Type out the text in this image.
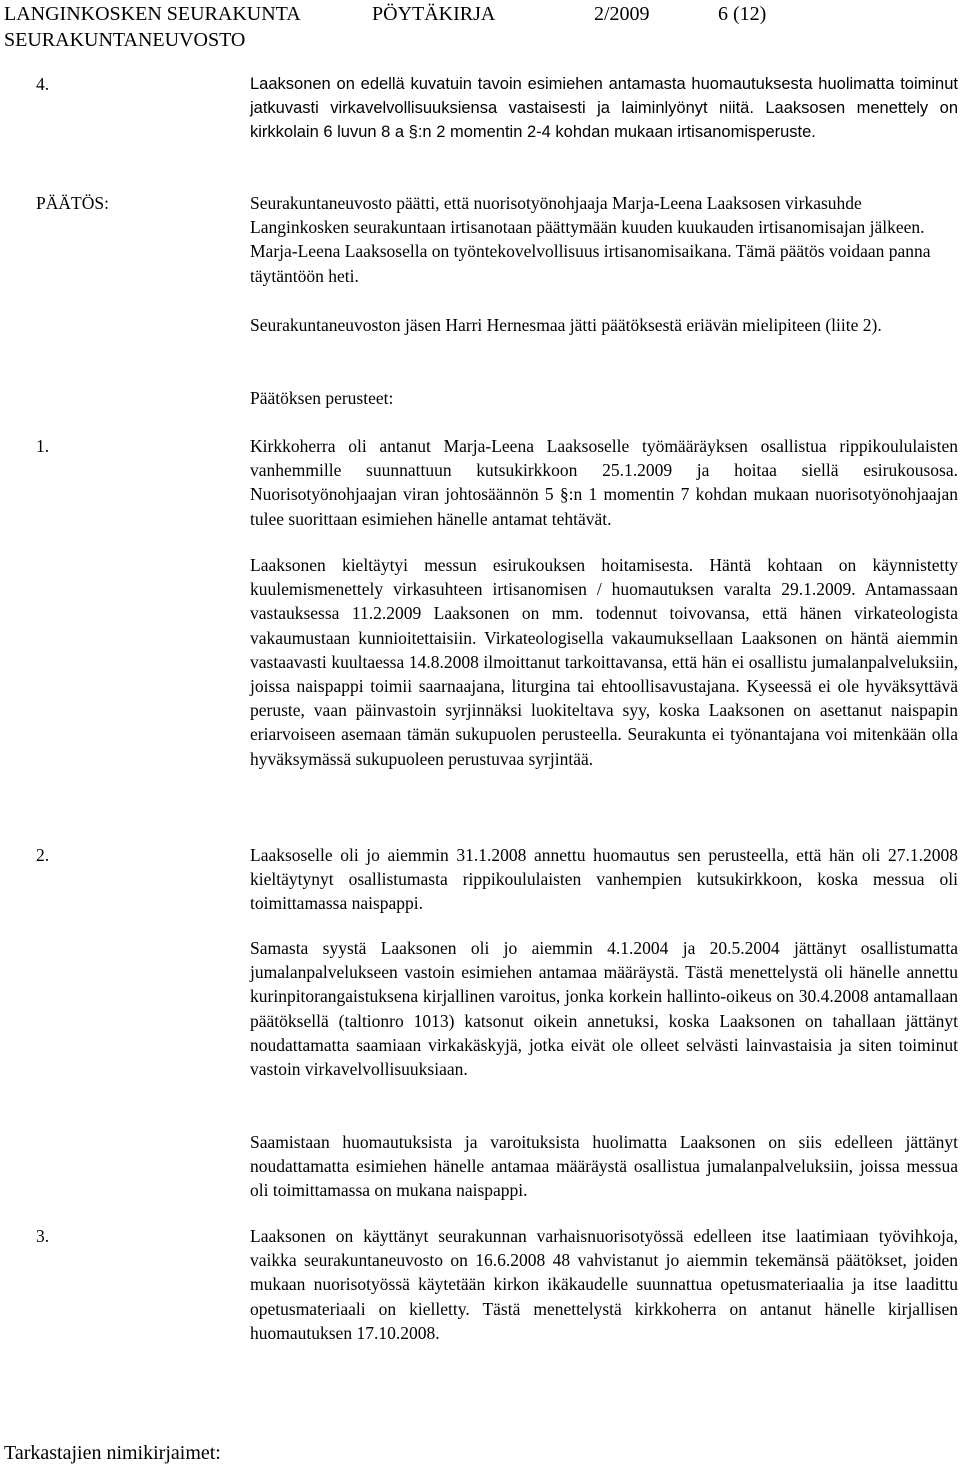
LANGINKOSKEN SEURAKUNTA	PÖYTÄKIRJA	2/2009	6 (12)
SEURAKUNTANEUVOSTO
4.	Laaksonen on edellä kuvatuin tavoin esimiehen antamasta huomautuksesta huolimatta toiminut jatkuvasti virkavelvollisuuksiensa vastaisesti ja laiminlyönyt niitä. Laaksosen menettely on kirkkolain 6 luvun 8 a §:n 2 momentin 2-4 kohdan mukaan irtisanomisperuste.
PÄÄTÖS:	Seurakuntaneuvosto päätti, että nuorisotyönohjaaja Marja-Leena Laaksosen virkasuhde Langinkosken seurakuntaan irtisanotaan päättymään kuuden kuukauden irtisanomisajan jälkeen. Marja-Leena Laaksosella on työntekovelvollisuus irtisanomisaikana. Tämä päätös voidaan panna täytäntöön heti.
Seurakuntaneuvoston jäsen Harri Hernesmaa jätti päätöksestä eriävän mielipiteen (liite 2).
Päätöksen perusteet:
1.	Kirkkoherra oli antanut Marja-Leena Laaksoselle työmääräyksen osallistua rippikoululaisten vanhemmille suunnattuun kutsukirkkoon 25.1.2009 ja hoitaa siellä esirukousosa. Nuorisotyönohjaajan viran johtosäännön 5 §:n 1 momentin 7 kohdan mukaan nuorisotyönohjaajan tulee suorittaan esimiehen hänelle antamat tehtävät.
Laaksonen kieltäytyi messun esirukouksen hoitamisesta. Häntä kohtaan on käynnistetty kuulemismenettely virkasuhteen irtisanomisen / huomautuksen varalta 29.1.2009. Antamassaan vastauksessa 11.2.2009 Laaksonen on mm. todennut toivovansa, että hänen virkateologista vakaumustaan kunnioitettaisiin. Virkateologisella vakaumuksellaan Laaksonen on häntä aiemmin vastaavasti kuultaessa 14.8.2008 ilmoittanut tarkoittavansa, että hän ei osallistu jumalanpalveluksiin, joissa naispappi toimii saarnaajana, liturgina tai ehtoollisavustajana. Kyseessä ei ole hyväksyttävä peruste, vaan päinvastoin syrjinnäksi luokiteltava syy, koska Laaksonen on asettanut naispapin eriarvoiseen asemaan tämän sukupuolen perusteella. Seurakunta ei työnantajana voi mitenkään olla hyväksymässä sukupuoleen perustuvaa syrjintää.
2.	Laaksoselle oli jo aiemmin 31.1.2008 annettu huomautus sen perusteella, että hän oli 27.1.2008 kieltäytynyt osallistumasta rippikoululaisten vanhempien kutsukirkkoon, koska messua oli toimittamassa naispappi.
Samasta syystä Laaksonen oli jo aiemmin 4.1.2004 ja 20.5.2004 jättänyt osallistumatta jumalanpalvelukseen vastoin esimiehen antamaa määräystä. Tästä menettelystä oli hänelle annettu kurinpitorangaistuksena kirjallinen varoitus, jonka korkein hallinto-oikeus on 30.4.2008 antamallaan päätöksellä (taltionro 1013) katsonut oikein annetuksi, koska Laaksonen on tahallaan jättänyt noudattamatta saamiaan virkakäskyjä, jotka eivät ole olleet selvästi lainvastaisia ja siten toiminut vastoin virkavelvollisuuksiaan.
Saamistaan huomautuksista ja varoituksista huolimatta Laaksonen on siis edelleen jättänyt noudattamatta esimiehen hänelle antamaa määräystä osallistua jumalanpalveluksiin, joissa messua oli toimittamassa on mukana naispappi.
3.	Laaksonen on käyttänyt seurakunnan varhaisnuorisotyössä edelleen itse laatimiaan työvihkoja, vaikka seurakuntaneuvosto on 16.6.2008 48 vahvistanut jo aiemmin tekemänsä päätökset, joiden mukaan nuorisotyössä käytetään kirkon ikäkaudelle suunnattua opetusmateriaalia ja itse laadittu opetusmateriaali on kielletty. Tästä menettelystä kirkkoherra on antanut hänelle kirjallisen huomautuksen 17.10.2008.
Tarkastajien nimikirjaimet:
